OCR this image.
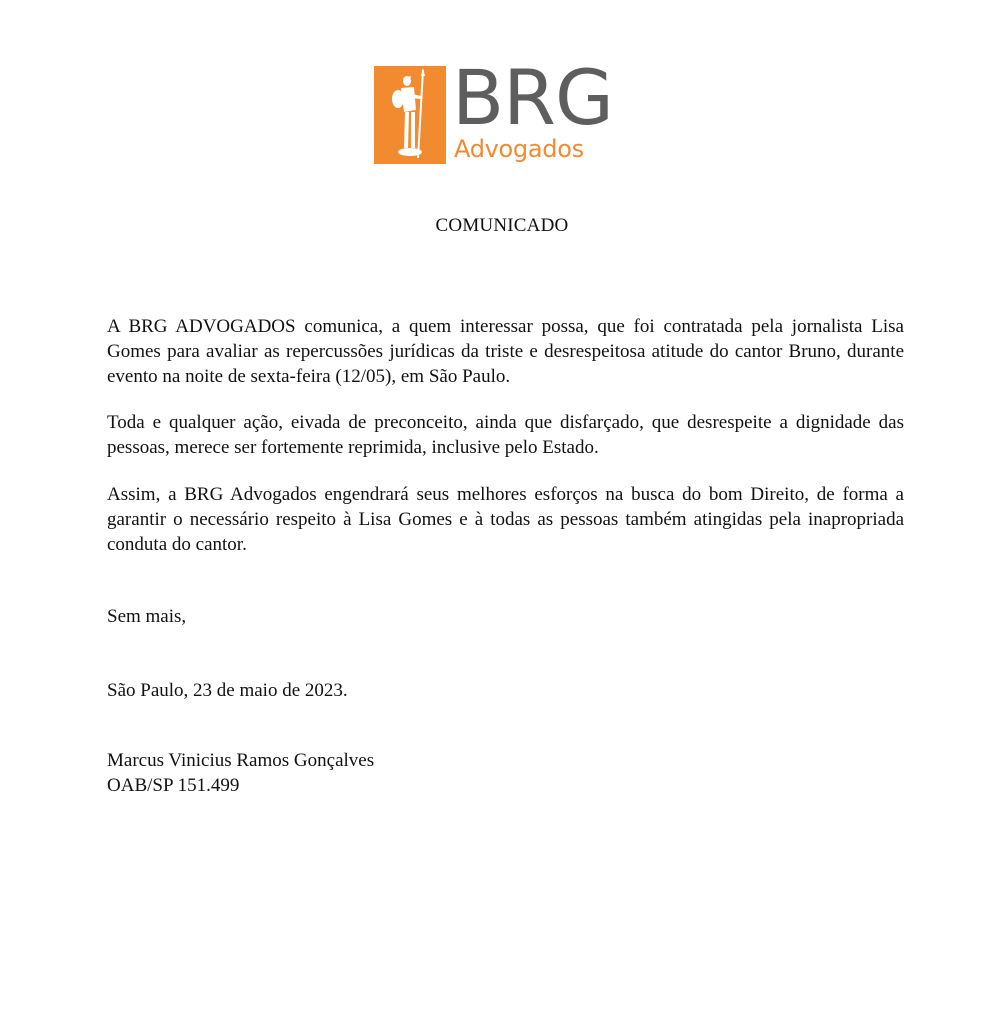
BRG
Advogados
COMUNICADO

A BRG ADVOGADOS comunica, a quem interessar possa, que foi contratada pela jornalista Lisa Gomes para avaliar as repercussões jurídicas da triste e desrespeitosa atitude do cantor Bruno, durante evento na noite de sexta-feira (12/05), em São Paulo.

Toda e qualquer ação, eivada de preconceito, ainda que disfarçado, que desrespeite a dignidade das pessoas, merece ser fortemente reprimida, inclusive pelo Estado.

Assim, a BRG Advogados engendrará seus melhores esforços na busca do bom Direito, de forma a garantir o necessário respeito à Lisa Gomes e à todas as pessoas também atingidas pela inapropriada conduta do cantor.

Sem mais,
São Paulo, 23 de maio de 2023.
Marcus Vinicius Ramos Gonçalves
OAB/SP 151.499
